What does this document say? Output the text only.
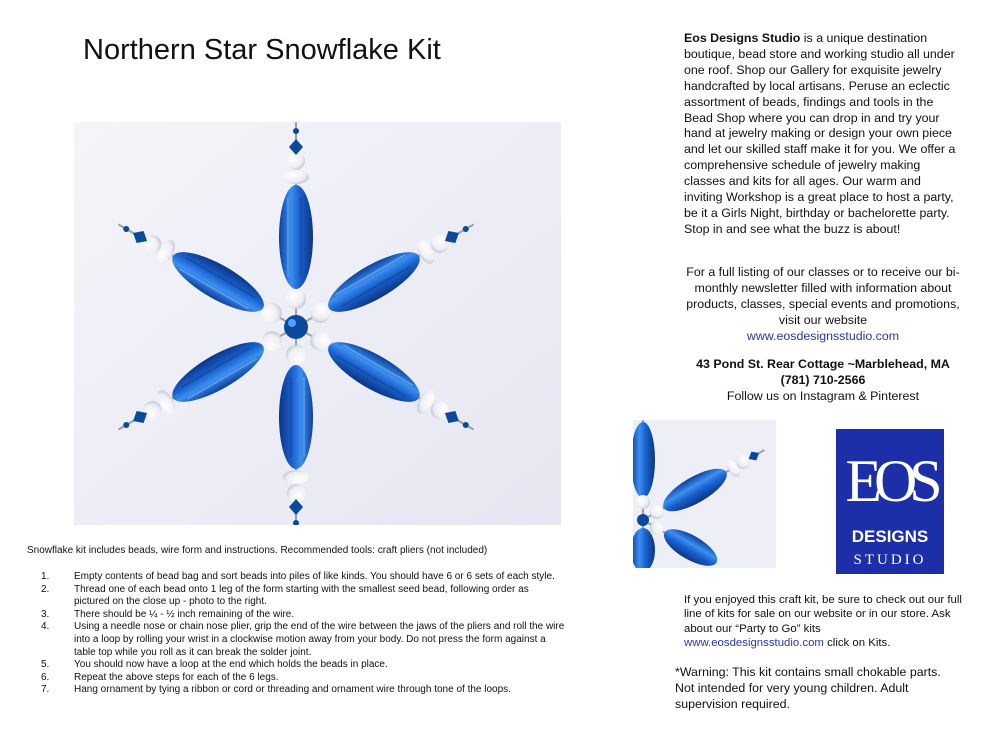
Northern Star Snowflake Kit
EOS
DESIGNS
STUDIO
Snowflake kit includes beads, wire form and instructions. Recommended tools: craft pliers (not included)
1.	Empty contents of bead bag and sort beads into piles of like kinds. You should have 6 or 6 sets of each style.
2.	Thread one of each bead onto 1 leg of the form starting with the smallest seed bead, following order as pictured on the close up - photo to the right.
3.	There should be ¼ - ½ inch remaining of the wire.
4.	Using a needle nose or chain nose plier, grip the end of the wire between the jaws of the pliers and roll the wire into a loop by rolling your wrist in a clockwise motion away from your body. Do not press the form against a table top while you roll as it can break the solder joint.
5.	You should now have a loop at the end which holds the beads in place.
6.	Repeat the above steps for each of the 6 legs.
7.	Hang ornament by tying a ribbon or cord or threading and ornament wire through tone of the loops.
Eos Designs Studio is a unique destination boutique, bead store and working studio all under one roof. Shop our Gallery for exquisite jewelry handcrafted by local artisans. Peruse an eclectic assortment of beads, findings and tools in the Bead Shop where you can drop in and try your hand at jewelry making or design your own piece and let our skilled staff make it for you. We offer a comprehensive schedule of jewelry making classes and kits for all ages. Our warm and inviting Workshop is a great place to host a party, be it a Girls Night, birthday or bachelorette party. Stop in and see what the buzz is about!
For a full listing of our classes or to receive our bi-monthly newsletter filled with information about products, classes, special events and promotions, visit our website
www.eosdesignsstudio.com
43 Pond St. Rear Cottage ~Marblehead, MA
(781) 710-2566
Follow us on Instagram & Pinterest
If you enjoyed this craft kit, be sure to check out our full line of kits for sale on our website or in our store. Ask about our “Party to Go” kits
www.eosdesignsstudio.com click on Kits.
*Warning: This kit contains small chokable parts. Not intended for very young children. Adult supervision required.
